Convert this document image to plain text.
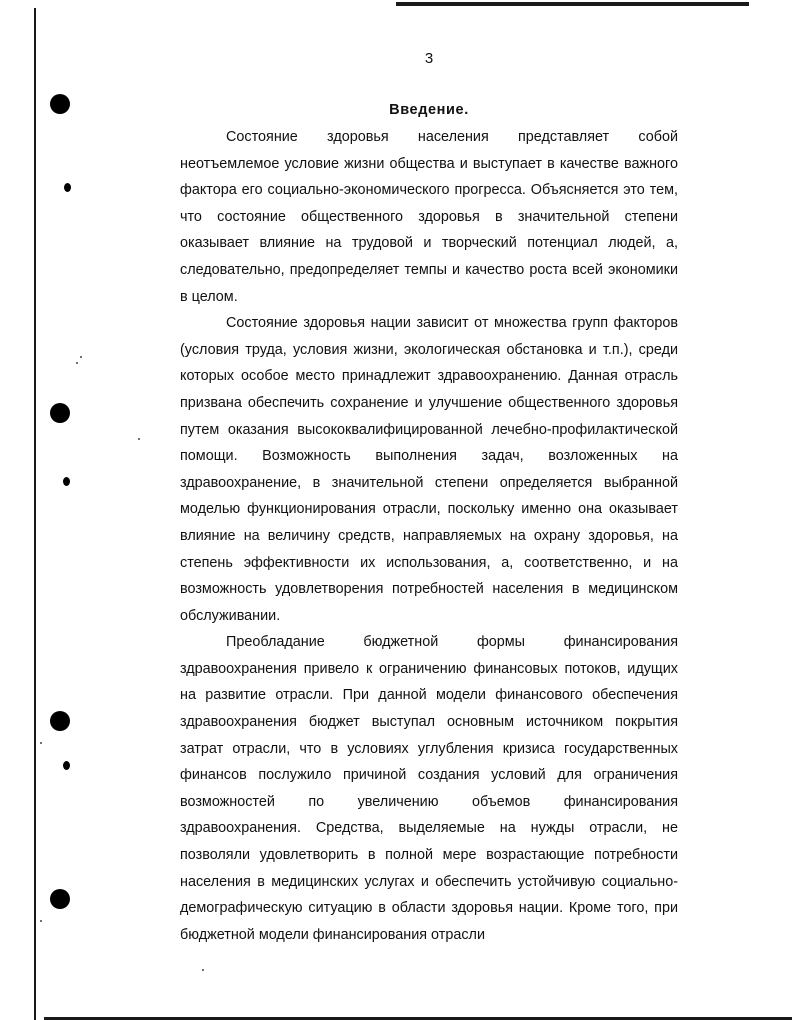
3
Введение.

Состояние здоровья населения представляет собой неотъемлемое условие жизни общества и выступает в качестве важного фактора его социально-экономического прогресса. Объясняется это тем, что состояние общественного здоровья в значительной степени оказывает влияние на трудовой и творческий потенциал людей, а, следовательно, предопределяет темпы и качество роста всей экономики в целом.

Состояние здоровья нации зависит от множества групп факторов (условия труда, условия жизни, экологическая обстановка и т.п.), среди которых особое место принадлежит здравоохранению. Данная отрасль призвана обеспечить сохранение и улучшение общественного здоровья путем оказания высококвалифицированной лечебно-профилактической помощи. Возможность выполнения задач, возложенных на здравоохранение, в значительной степени определяется выбранной моделью функционирования отрасли, поскольку именно она оказывает влияние на величину средств, направляемых на охрану здоровья, на степень эффективности их использования, а, соответственно, и на возможность удовлетворения потребностей населения в медицинском обслуживании.

Преобладание бюджетной формы финансирования здравоохранения привело к ограничению финансовых потоков, идущих на развитие отрасли. При данной модели финансового обеспечения здравоохранения бюджет выступал основным источником покрытия затрат отрасли, что в условиях углубления кризиса государственных финансов послужило причиной создания условий для ограничения возможностей по увеличению объемов финансирования здравоохранения. Средства, выделяемые на нужды отрасли, не позволяли удовлетворить в полной мере возрастающие потребности населения в медицинских услугах и обеспечить устойчивую социально-демографическую ситуацию в области здоровья нации. Кроме того, при бюджетной модели финансирования отрасли
